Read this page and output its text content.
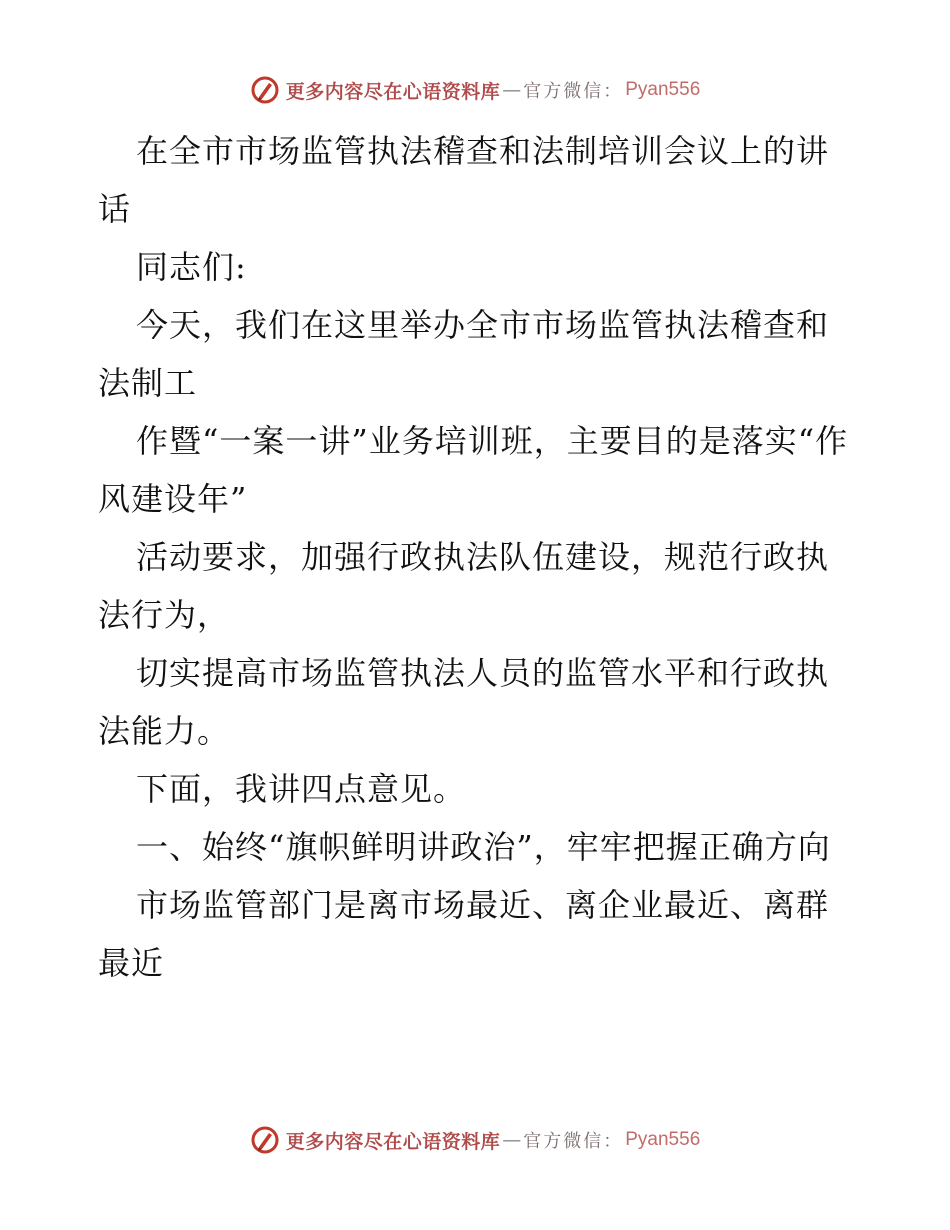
更多内容尽在心语资料库 — 官方微信： Pyan556

在全市市场监管执法稽查和法制培训会议上的讲话

同志们:

今天，我们在这里举办全市市场监管执法稽查和法制工

作暨“一案一讲”业务培训班，主要目的是落实“作风建设年”

活动要求，加强行政执法队伍建设，规范行政执法行为，

切实提高市场监管执法人员的监管水平和行政执法能力。

下面，我讲四点意见。

一、始终“旗帜鲜明讲政治”，牢牢把握正确方向

市场监管部门是离市场最近、离企业最近、离群最近

更多内容尽在心语资料库 — 官方微信： Pyan556
